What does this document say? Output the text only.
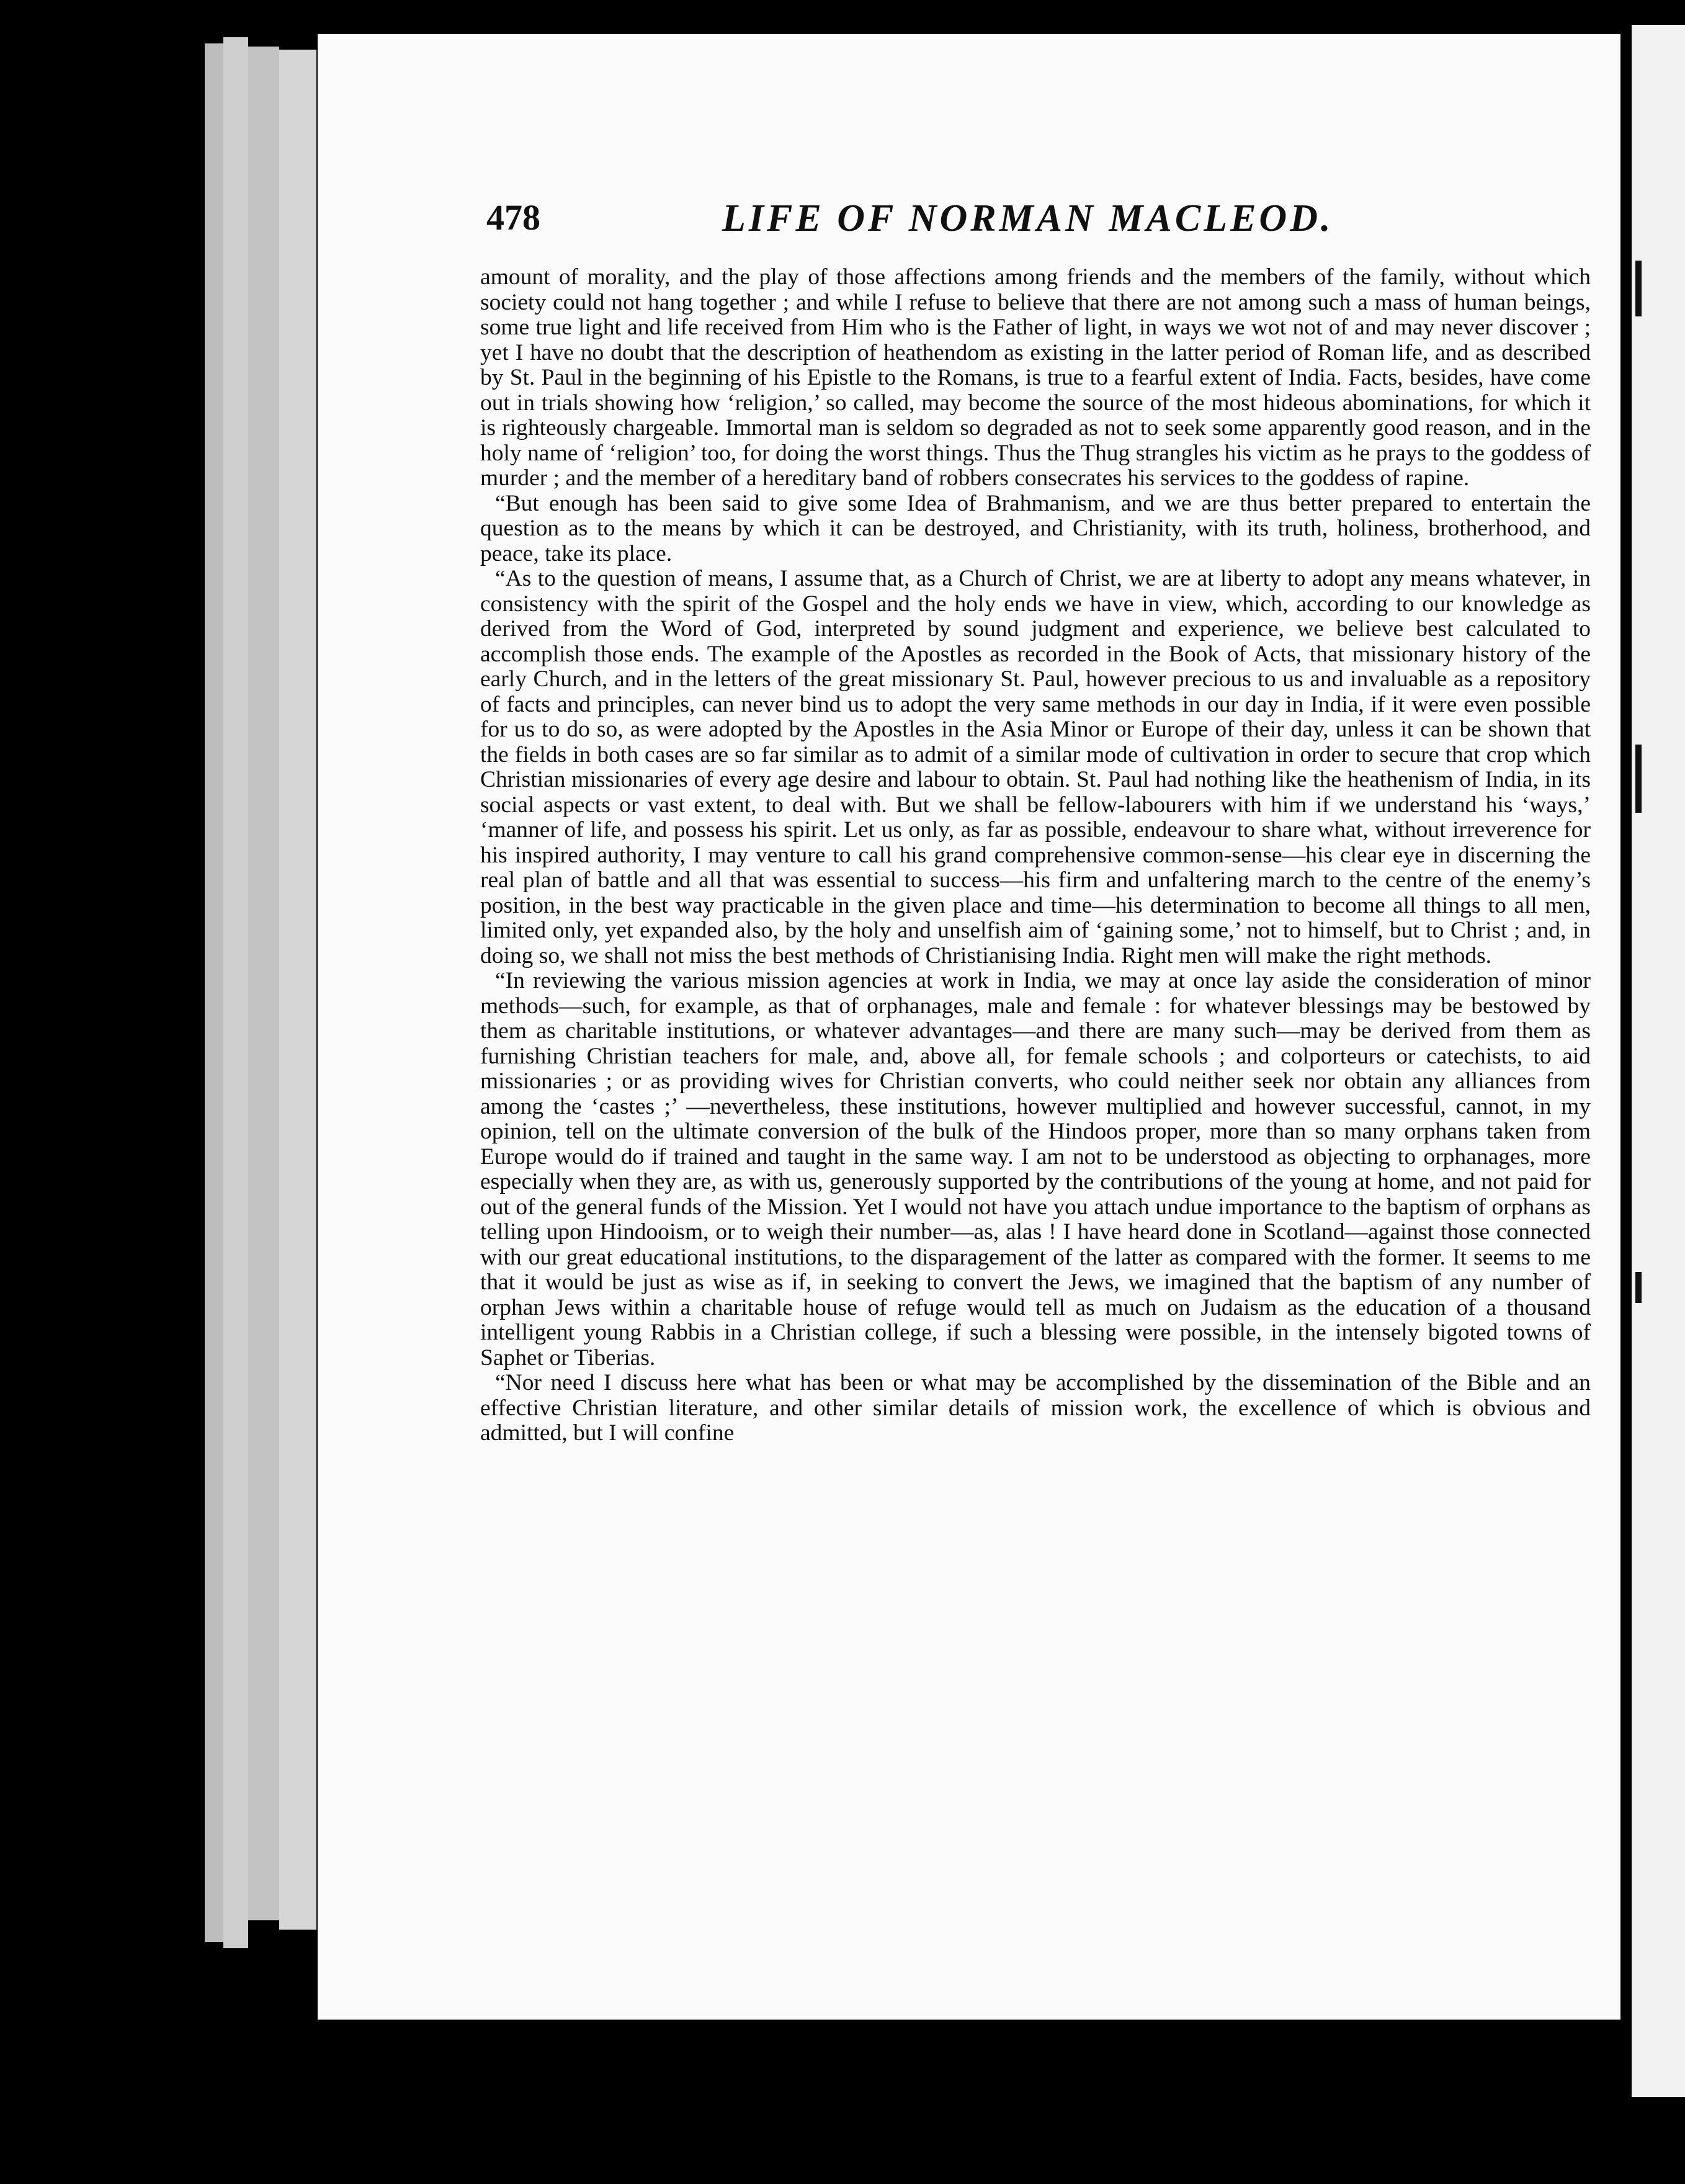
478	LIFE OF NORMAN MACLEOD.

amount of morality, and the play of those affections among friends and the members of the family, without which society could not hang together ; and while I refuse to believe that there are not among such a mass of human beings, some true light and life received from Him who is the Father of light, in ways we wot not of and may never discover ; yet I have no doubt that the description of heathendom as existing in the latter period of Roman life, and as described by St. Paul in the beginning of his Epistle to the Romans, is true to a fearful extent of India. Facts, besides, have come out in trials showing how ‘religion,’ so called, may become the source of the most hideous abominations, for which it is righteously chargeable. Immortal man is seldom so degraded as not to seek some apparently good reason, and in the holy name of ‘religion’ too, for doing the worst things. Thus the Thug strangles his victim as he prays to the goddess of murder ; and the member of a hereditary band of robbers consecrates his services to the goddess of rapine.

“But enough has been said to give some Idea of Brahmanism, and we are thus better prepared to entertain the question as to the means by which it can be destroyed, and Christianity, with its truth, holiness, brotherhood, and peace, take its place.

“As to the question of means, I assume that, as a Church of Christ, we are at liberty to adopt any means whatever, in consistency with the spirit of the Gospel and the holy ends we have in view, which, according to our knowledge as derived from the Word of God, interpreted by sound judgment and experience, we believe best calculated to accomplish those ends. The example of the Apostles as recorded in the Book of Acts, that missionary history of the early Church, and in the letters of the great missionary St. Paul, however precious to us and invaluable as a repository of facts and principles, can never bind us to adopt the very same methods in our day in India, if it were even possible for us to do so, as were adopted by the Apostles in the Asia Minor or Europe of their day, unless it can be shown that the fields in both cases are so far similar as to admit of a similar mode of cultivation in order to secure that crop which Christian missionaries of every age desire and labour to obtain. St. Paul had nothing like the heathenism of India, in its social aspects or vast extent, to deal with. But we shall be fellow-labourers with him if we understand his ‘ways,’ ‘manner of life, and possess his spirit. Let us only, as far as possible, endeavour to share what, without irreverence for his inspired authority, I may venture to call his grand comprehensive common-sense—his clear eye in discerning the real plan of battle and all that was essential to success—his firm and unfaltering march to the centre of the enemy’s position, in the best way practicable in the given place and time—his determination to become all things to all men, limited only, yet expanded also, by the holy and unselfish aim of ‘gaining some,’ not to himself, but to Christ ; and, in doing so, we shall not miss the best methods of Christianising India. Right men will make the right methods.

“In reviewing the various mission agencies at work in India, we may at once lay aside the consideration of minor methods—such, for example, as that of orphanages, male and female : for whatever blessings may be bestowed by them as charitable institutions, or whatever advantages—and there are many such—may be derived from them as furnishing Christian teachers for male, and, above all, for female schools ; and colporteurs or catechists, to aid missionaries ; or as providing wives for Christian converts, who could neither seek nor obtain any alliances from among the ‘castes ;’ —nevertheless, these institutions, however multiplied and however successful, cannot, in my opinion, tell on the ultimate conversion of the bulk of the Hindoos proper, more than so many orphans taken from Europe would do if trained and taught in the same way. I am not to be understood as objecting to orphanages, more especially when they are, as with us, generously supported by the contributions of the young at home, and not paid for out of the general funds of the Mission. Yet I would not have you attach undue importance to the baptism of orphans as telling upon Hindooism, or to weigh their number—as, alas ! I have heard done in Scotland—against those connected with our great educational institutions, to the disparagement of the latter as compared with the former. It seems to me that it would be just as wise as if, in seeking to convert the Jews, we imagined that the baptism of any number of orphan Jews within a charitable house of refuge would tell as much on Judaism as the education of a thousand intelligent young Rabbis in a Christian college, if such a blessing were possible, in the intensely bigoted towns of Saphet or Tiberias.

“Nor need I discuss here what has been or what may be accomplished by the dissemination of the Bible and an effective Christian literature, and other similar details of mission work, the excellence of which is obvious and admitted, but I will confine
